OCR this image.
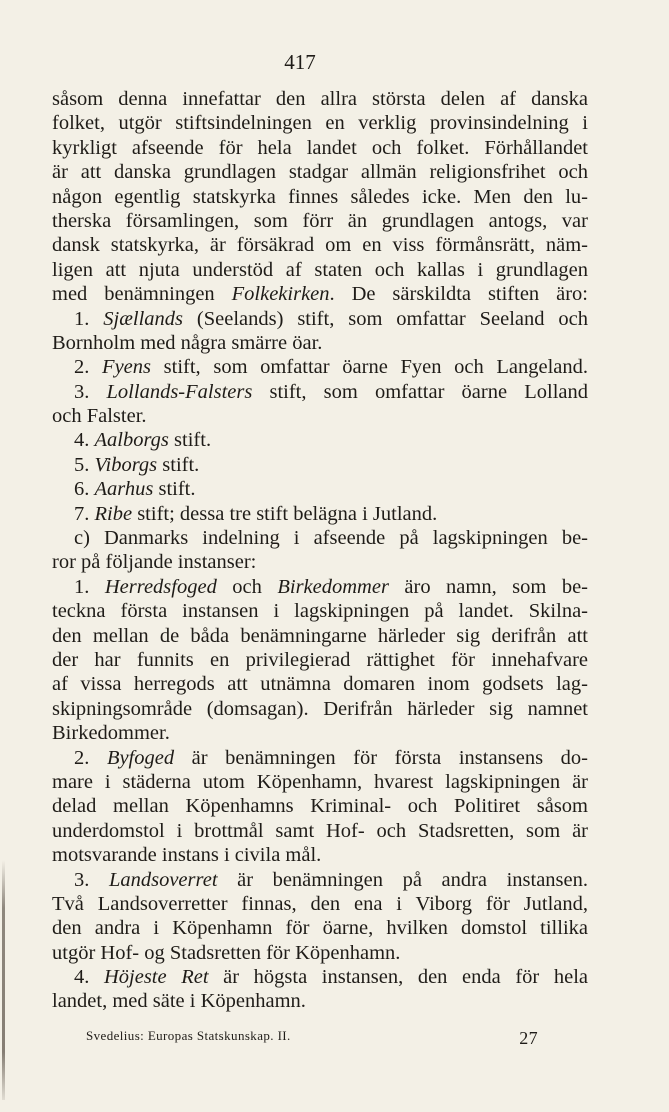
417
såsom denna innefattar den allra största delen af danska
folket, utgör stiftsindelningen en verklig provinsindelning i
kyrkligt afseende för hela landet och folket. Förhållandet
är att danska grundlagen stadgar allmän religionsfrihet och
någon egentlig statskyrka finnes således icke. Men den lu-
therska församlingen, som förr än grundlagen antogs, var
dansk statskyrka, är försäkrad om en viss förmånsrätt, näm-
ligen att njuta understöd af staten och kallas i grundlagen
med benämningen Folkekirken. De särskildta stiften äro:
1. Sjællands (Seelands) stift, som omfattar Seeland och
Bornholm med några smärre öar.
2. Fyens stift, som omfattar öarne Fyen och Langeland.
3. Lollands-Falsters stift, som omfattar öarne Lolland
och Falster.
4. Aalborgs stift.
5. Viborgs stift.
6. Aarhus stift.
7. Ribe stift; dessa tre stift belägna i Jutland.
c) Danmarks indelning i afseende på lagskipningen be-
ror på följande instanser:
1. Herredsfoged och Birkedommer äro namn, som be-
teckna första instansen i lagskipningen på landet. Skilna-
den mellan de båda benämningarne härleder sig derifrån att
der har funnits en privilegierad rättighet för innehafvare
af vissa herregods att utnämna domaren inom godsets lag-
skipningsområde (domsagan). Derifrån härleder sig namnet
Birkedommer.
2. Byfoged är benämningen för första instansens do-
mare i städerna utom Köpenhamn, hvarest lagskipningen är
delad mellan Köpenhamns Kriminal- och Politiret såsom
underdomstol i brottmål samt Hof- och Stadsretten, som är
motsvarande instans i civila mål.
3. Landsoverret är benämningen på andra instansen.
Två Landsoverretter finnas, den ena i Viborg för Jutland,
den andra i Köpenhamn för öarne, hvilken domstol tillika
utgör Hof- og Stadsretten för Köpenhamn.
4. Höjeste Ret är högsta instansen, den enda för hela
landet, med säte i Köpenhamn.
Svedelius: Europas Statskunskap. II.	27
